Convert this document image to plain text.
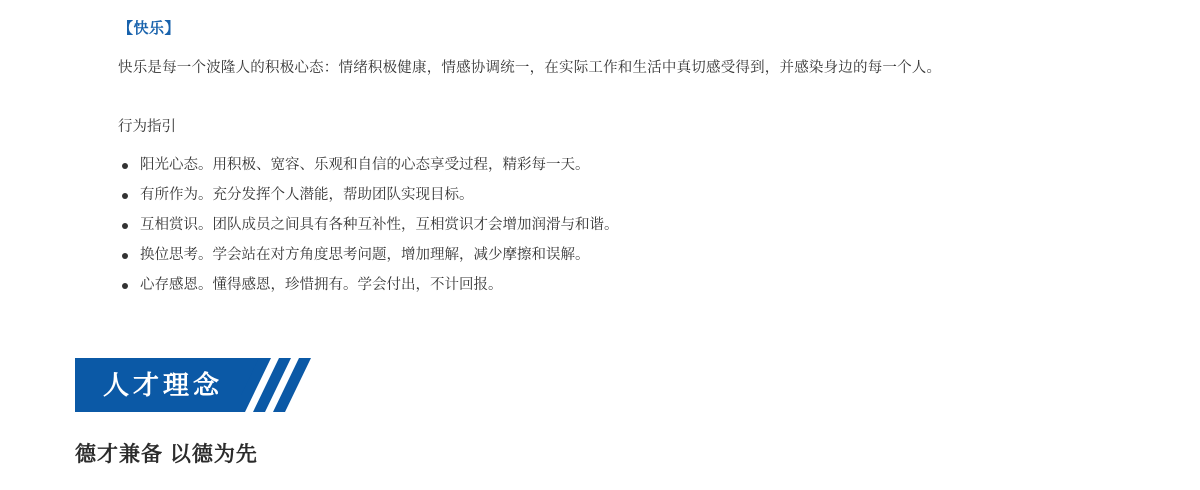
【快乐】

快乐是每一个波隆人的积极心态：情绪积极健康，情感协调统一，在实际工作和生活中真切感受得到，并感染身边的每一个人。

行为指引
阳光心态。用积极、宽容、乐观和自信的心态享受过程，精彩每一天。
有所作为。充分发挥个人潜能，帮助团队实现目标。
互相赏识。团队成员之间具有各种互补性，互相赏识才会增加润滑与和谐。
换位思考。学会站在对方角度思考问题，增加理解，减少摩擦和误解。
心存感恩。懂得感恩，珍惜拥有。学会付出，不计回报。
人才理念
德才兼备 以德为先
